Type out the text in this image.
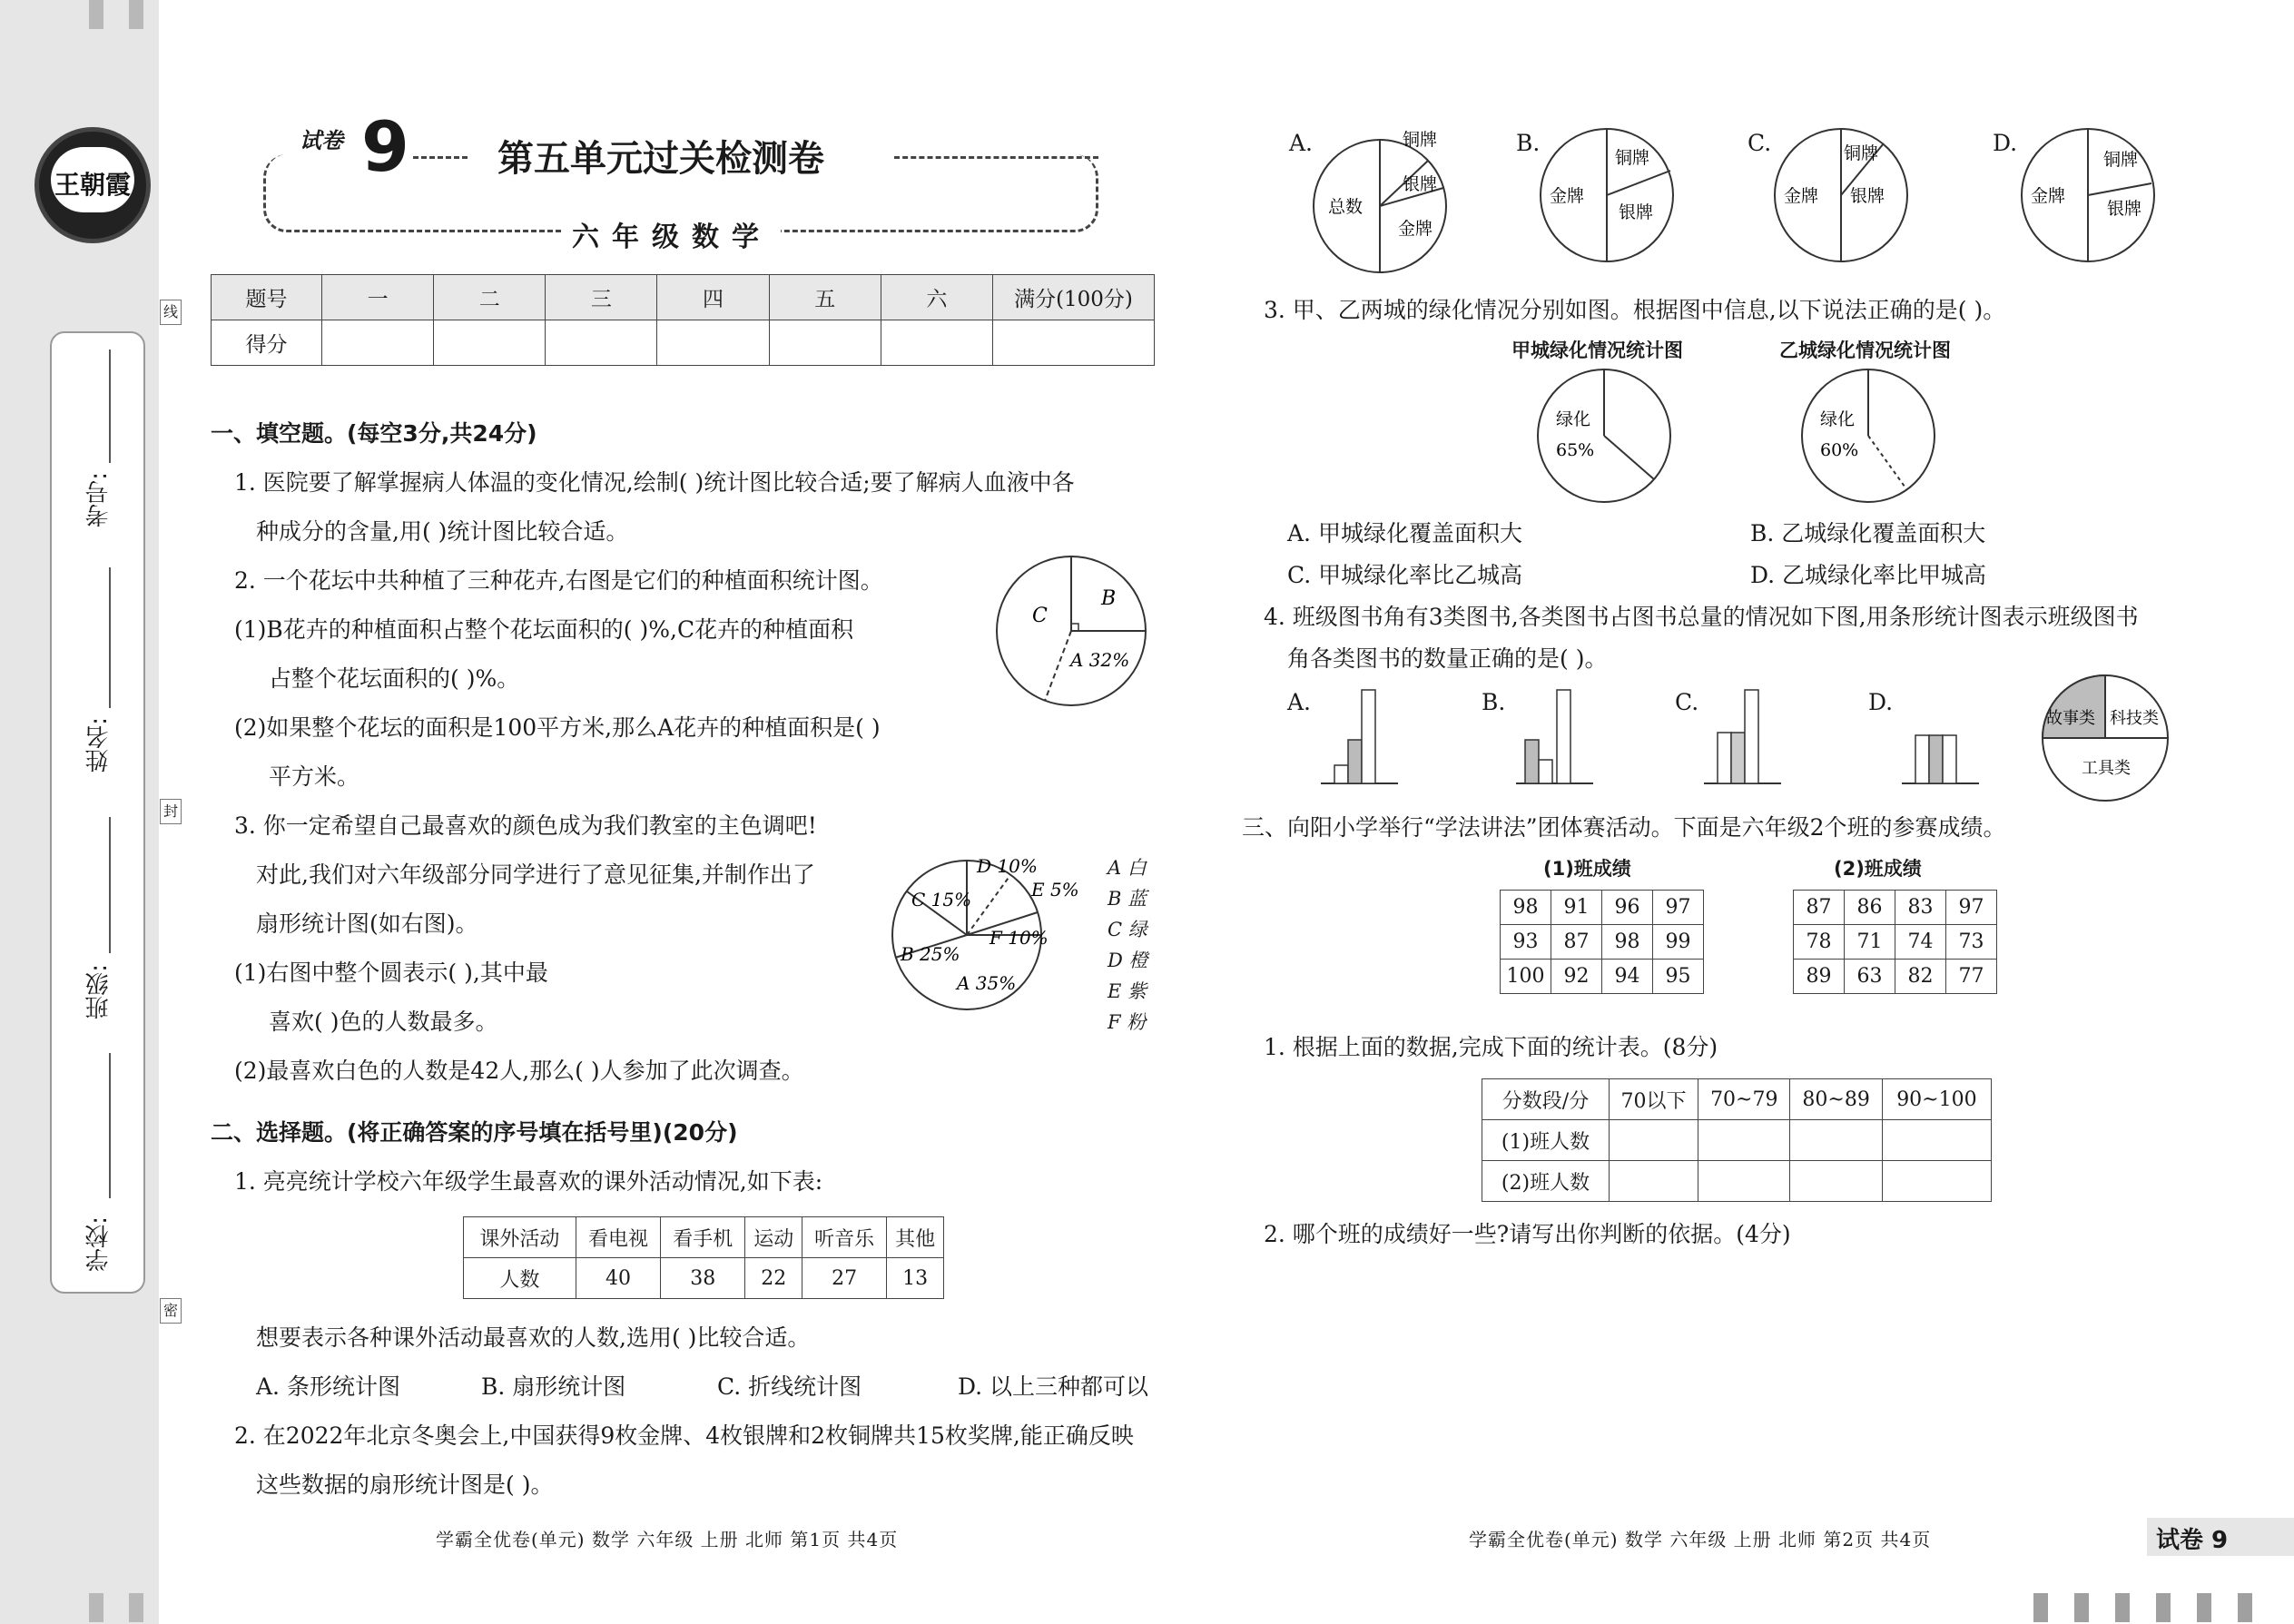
王朝霞
考号:
姓名:
班级:
学校:
线
封
密
试卷 9 第五单元过关检测卷
六年级数学
题号	一	二	三	四	五	六	满分(100分)
得分							
一、填空题。(每空3分,共24分)
1. 医院要了解掌握病人体温的变化情况,绘制( )统计图比较合适;要了解病人血液中各
种成分的含量,用( )统计图比较合适。
2. 一个花坛中共种植了三种花卉,右图是它们的种植面积统计图。
(1)B花卉的种植面积占整个花坛面积的( )%,C花卉的种植面积
占整个花坛面积的( )%。
(2)如果整个花坛的面积是100平方米,那么A花卉的种植面积是( )
平方米。
B
C
A 32%
3. 你一定希望自己最喜欢的颜色成为我们教室的主色调吧!
对此,我们对六年级部分同学进行了意见征集,并制作出了
扇形统计图(如右图)。
(1)右图中整个圆表示( ),其中最
喜欢( )色的人数最多。
(2)最喜欢白色的人数是42人,那么( )人参加了此次调查。
D 10%
E 5%
C 15%
F 10%
B 25%
A 35%
A 白
B 蓝
C 绿
D 橙
E 紫
F 粉
二、选择题。(将正确答案的序号填在括号里)(20分)
1. 亮亮统计学校六年级学生最喜欢的课外活动情况,如下表:
课外活动	看电视	看手机	运动	听音乐	其他
人数	40	38	22	27	13
想要表示各种课外活动最喜欢的人数,选用( )比较合适。
A. 条形统计图	B. 扇形统计图	C. 折线统计图	D. 以上三种都可以
2. 在2022年北京冬奥会上,中国获得9枚金牌、4枚银牌和2枚铜牌共15枚奖牌,能正确反映
这些数据的扇形统计图是( )。
学霸全优卷(单元) 数学 六年级 上册 北师 第1页 共4页
A.	铜牌
银牌
总数
金牌
B.
铜牌
金牌
银牌
C.	铜牌
金牌 银牌
D.
铜牌
金牌
银牌
3. 甲、乙两城的绿化情况分别如图。根据图中信息,以下说法正确的是( )。
甲城绿化情况统计图	乙城绿化情况统计图
绿化
65%
绿化
60%
A. 甲城绿化覆盖面积大	B. 乙城绿化覆盖面积大
C. 甲城绿化率比乙城高	D. 乙城绿化率比甲城高
4. 班级图书角有3类图书,各类图书占图书总量的情况如下图,用条形统计图表示班级图书
角各类图书的数量正确的是( )。
A.	B.	C.	D.
故事类 科技类
工具类
三、向阳小学举行“学法讲法”团体赛活动。下面是六年级2个班的参赛成绩。
(1)班成绩	(2)班成绩
98	91	96	97
93	87	98	99
100	92	94	95
87	86	83	97
78	71	74	73
89	63	82	77
1. 根据上面的数据,完成下面的统计表。(8分)
分数段/分	70以下	70~79	80~89	90~100
(1)班人数				
(2)班人数				
2. 哪个班的成绩好一些?请写出你判断的依据。(4分)
学霸全优卷(单元) 数学 六年级 上册 北师 第2页 共4页	试卷 9
